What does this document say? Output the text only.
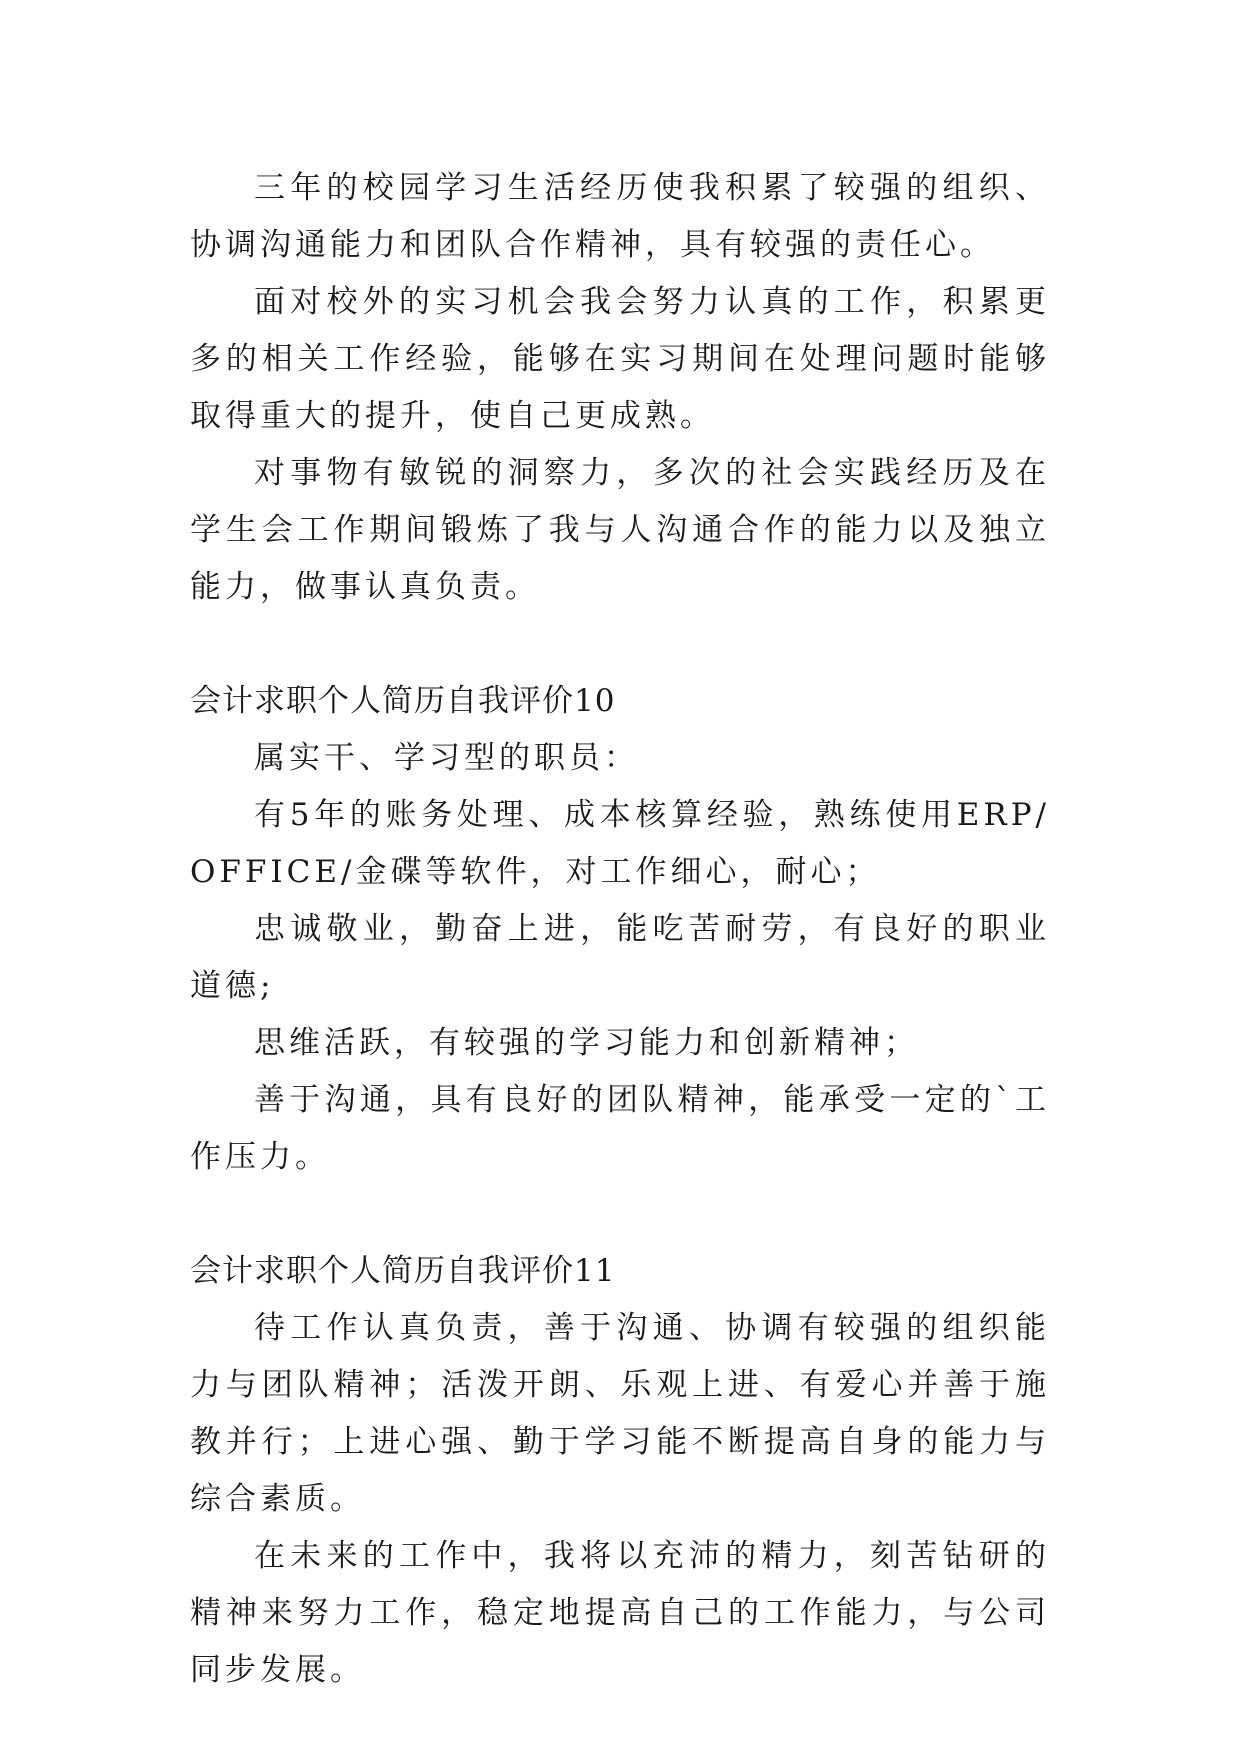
三年的校园学习生活经历使我积累了较强的组织、协调沟通能力和团队合作精神，具有较强的责任心。

面对校外的实习机会我会努力认真的工作，积累更多的相关工作经验，能够在实习期间在处理问题时能够取得重大的提升，使自己更成熟。

对事物有敏锐的洞察力，多次的社会实践经历及在学生会工作期间锻炼了我与人沟通合作的能力以及独立能力，做事认真负责。

会计求职个人简历自我评价10

属实干、学习型的职员：

有5年的账务处理、成本核算经验，熟练使用ERP/OFFICE/金碟等软件，对工作细心，耐心；

忠诚敬业，勤奋上进，能吃苦耐劳，有良好的职业道德;

思维活跃，有较强的学习能力和创新精神；

善于沟通，具有良好的团队精神，能承受一定的`工作压力。

会计求职个人简历自我评价11

待工作认真负责，善于沟通、协调有较强的组织能力与团队精神；活泼开朗、乐观上进、有爱心并善于施教并行；上进心强、勤于学习能不断提高自身的能力与综合素质。

在未来的工作中，我将以充沛的精力，刻苦钻研的精神来努力工作，稳定地提高自己的工作能力，与公司同步发展。
